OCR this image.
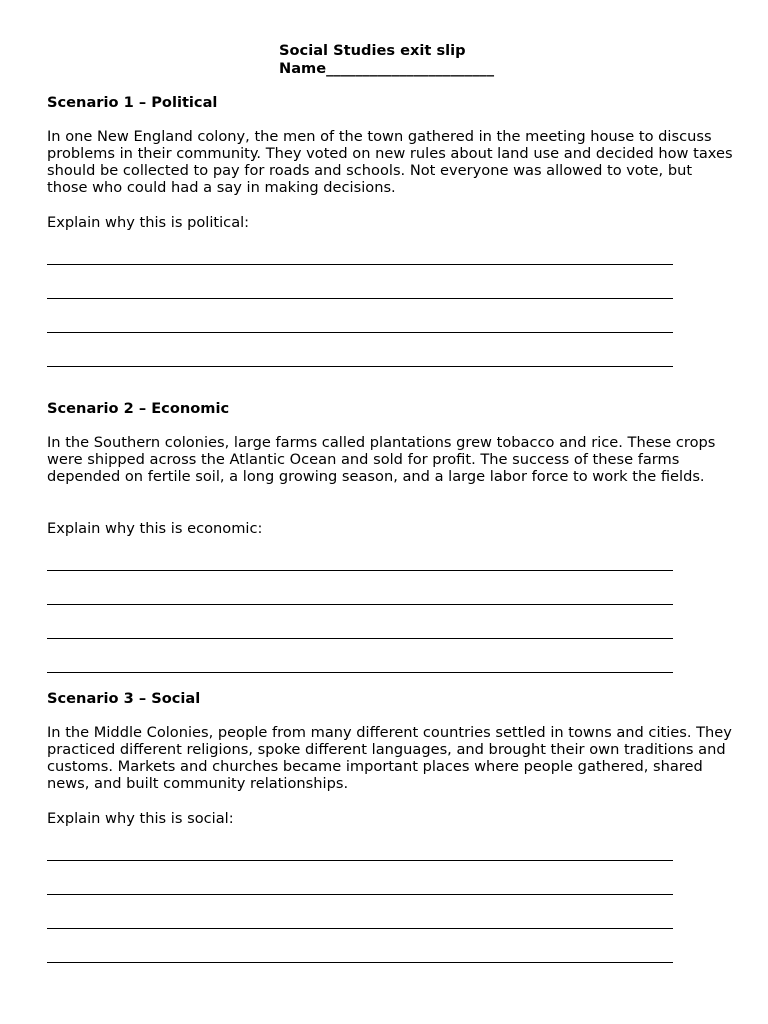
Social Studies exit slip
Name_______________________

Scenario 1 – Political

In one New England colony, the men of the town gathered in the meeting house to discuss problems in their community. They voted on new rules about land use and decided how taxes should be collected to pay for roads and schools. Not everyone was allowed to vote, but those who could had a say in making decisions.

Explain why this is political:

Scenario 2 – Economic

In the Southern colonies, large farms called plantations grew tobacco and rice. These crops were shipped across the Atlantic Ocean and sold for profit. The success of these farms depended on fertile soil, a long growing season, and a large labor force to work the fields.

Explain why this is economic:

Scenario 3 – Social

In the Middle Colonies, people from many different countries settled in towns and cities. They practiced different religions, spoke different languages, and brought their own traditions and customs. Markets and churches became important places where people gathered, shared news, and built community relationships.

Explain why this is social:
